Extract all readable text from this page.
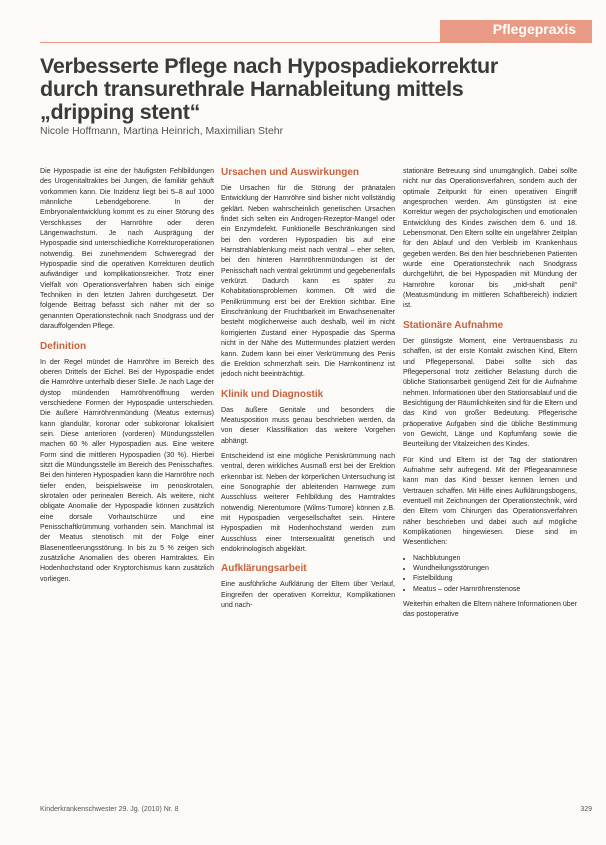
Pflegepraxis
Verbesserte Pflege nach Hypospadiekorrektur
durch transurethrale Harnableitung mittels
„dripping stent“
Nicole Hoffmann, Martina Heinrich, Maximilian Stehr

Die Hypospadie ist eine der häufigsten Fehlbildungen des Urogenitaltraktes bei Jungen, die familiär gehäuft vorkommen kann. Die Inzidenz liegt bei 5–8 auf 1000 männliche Lebendgeborene. In der Embryonalentwicklung kommt es zu einer Störung des Verschlusses der Harnröhre oder deren Längenwachstum. Je nach Ausprägung der Hypospadie sind unterschiedliche Korrekturoperationen notwendig. Bei zunehmendem Schweregrad der Hypospadie sind die operativen Korrekturen deutlich aufwändiger und komplikationsreicher. Trotz einer Vielfalt von Operationsverfahren haben sich einige Techniken in den letzten Jahren durchgesetzt. Der folgende Beitrag befasst sich näher mit der so genannten Operationstechnik nach Snodgrass und der darauffolgenden Pflege.

Definition

In der Regel mündet die Harnröhre im Bereich des oberen Drittels der Eichel. Bei der Hypospadie endet die Harnröhre unterhalb dieser Stelle. Je nach Lage der dystop mündenden Harnröhrenöffnung werden verschiedene Formen der Hypospadie unterschieden. Die äußere Harnröhrenmündung (Meatus externus) kann glandulär, koronar oder subkoronar lokalisiert sein. Diese anterioren (vorderen) Mündungsstellen machen 60 % aller Hypospadien aus. Eine weitere Form sind die mittleren Hypospadien (30 %). Hierbei sitzt die Mündungsstelle im Bereich des Penisschaftes. Bei den hinteren Hypospadien kann die Harnröhre noch tiefer enden, beispielsweise im penoskrotalen, skrotalen oder perinealen Bereich. Als weitere, nicht obligate Anomalie der Hypospadie können zusätzlich eine dorsale Vorhautschürze und eine Penisschaftkrümmung vorhanden sein. Manchmal ist der Meatus stenotisch mit der Folge einer Blasenentleerungsstörung. In bis zu 5 % zeigen sich zusätzliche Anomalien des oberen Harntraktes. Ein Hodenhochstand oder Kryptorchismus kann zusätzlich vorliegen.

Ursachen und Auswirkungen

Die Ursachen für die Störung der pränatalen Entwicklung der Harnröhre sind bisher nicht vollständig geklärt. Neben wahrscheinlich genetischen Ursachen findet sich selten ein Androgen-Rezeptor-Mangel oder ein Enzymdefekt. Funktionelle Beschränkungen sind bei den vorderen Hypospadien bis auf eine Harnstrahlablenkung meist nach ventral – eher selten, bei den hinteren Harnröhrenmündungen ist der Penisschaft nach ventral gekrümmt und gegebenenfalls verkürzt. Dadurch kann es später zu Kohabitationsproblemen kommen. Oft wird die Penilkrümmung erst bei der Erektion sichtbar. Eine Einschränkung der Fruchtbarkeit im Erwachsenenalter besteht möglicherweise auch deshalb, weil im nicht korrigierten Zustand einer Hypospadie das Sperma nicht in der Nähe des Muttermundes platziert werden kann. Zudem kann bei einer Verkrümmung des Penis die Erektion schmerzhaft sein. Die Harnkontinenz ist jedoch nicht beeinträchtigt.

Klinik und Diagnostik

Das äußere Genitale und besonders die Meatusposition muss genau beschrieben werden, da von dieser Klassifikation das weitere Vorgehen abhängt.

Entscheidend ist eine mögliche Peniskrümmung nach ventral, deren wirkliches Ausmaß erst bei der Erektion erkennbar ist. Neben der körperlichen Untersuchung ist eine Sonographie der ableitenden Harnwege zum Ausschluss weiterer Fehlbildung des Harntraktes notwendig. Nierentumore (Wilms-Tumore) können z.B. mit Hypospadien vergesellschaftet sein. Hintere Hypospadien mit Hodenhochstand werden zum Ausschluss einer Intersexualität genetisch und endokrinologisch abgeklärt.

Aufklärungsarbeit

Eine ausführliche Aufklärung der Eltern über Verlauf, Eingreifen der operativen Korrektur, Komplikationen und nach-

stationäre Betreuung sind unumgänglich. Dabei sollte nicht nur das Operationsverfahren, sondern auch der optimale Zeitpunkt für einen operativen Eingriff angesprochen werden. Am günstigsten ist eine Korrektur wegen der psychologischen und emotionalen Entwicklung des Kindes zwischen dem 6. und 18. Lebensmonat. Den Eltern sollte ein ungefährer Zeitplan für den Ablauf und den Verbleib im Krankenhaus gegeben werden. Bei den hier beschriebenen Patienten wurde eine Operationstechnik nach Snodgrass durchgeführt, die bei Hypospadien mit Mündung der Harnröhre koronar bis „mid-shaft penil“ (Meatusmündung im mittleren Schaftbereich) indiziert ist.

Stationäre Aufnahme

Der günstigste Moment, eine Vertrauensbasis zu schaffen, ist der erste Kontakt zwischen Kind, Eltern und Pflegepersonal. Dabei sollte sich das Pflegepersonal trotz zeitlicher Belastung durch die übliche Stationsarbeit genügend Zeit für die Aufnahme nehmen. Informationen über den Stationsablauf und die Besichtigung der Räumlichkeiten sind für die Eltern und das Kind von großer Bedeutung. Pflegerische präoperative Aufgaben sind die übliche Bestimmung von Gewicht, Länge und Kopfumfang sowie die Beurteilung der Vitalzeichen des Kindes.

Für Kind und Eltern ist der Tag der stationären Aufnahme sehr aufregend. Mit der Pflegeanamnese kann man das Kind besser kennen lernen und Vertrauen schaffen. Mit Hilfe eines Aufklärungsbogens, eventuell mit Zeichnungen der Operationstechnik, wird den Eltern vom Chirurgen das Operationsverfahren näher beschrieben und dabei auch auf mögliche Komplikationen hingewiesen. Diese sind im Wesentlichen:

• Nachblutungen
• Wundheilungsstörungen
• Fistelbildung
• Meatus – oder Harnröhrenstenose

Weiterhin erhalten die Eltern nähere Informationen über das postoperative

Kinderkrankenschwester 29. Jg. (2010) Nr. 8	329
